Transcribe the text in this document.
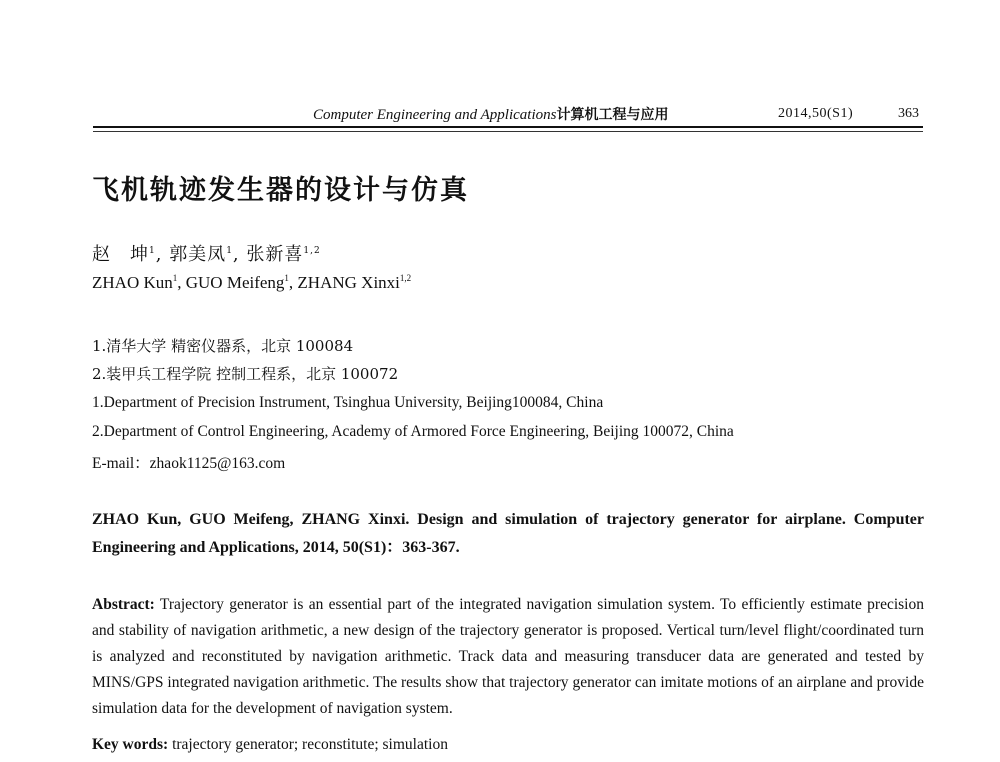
Computer Engineering and Applications计算机工程与应用	2014,50(S1)	363
飞机轨迹发生器的设计与仿真
赵　坤$^1$, 郭美凤$^1$, 张新喜$^{1,2}$
ZHAO Kun$^1$, GUO Meifeng$^1$, ZHANG Xinxi$^{1,2}$
1.清华大学 精密仪器系，北京 100084
2.装甲兵工程学院 控制工程系，北京 100072
1.Department of Precision Instrument, Tsinghua University, Beijing100084, China
2.Department of Control Engineering, Academy of Armored Force Engineering, Beijing 100072, China
E-mail：zhaok1125@163.com
ZHAO Kun, GUO Meifeng, ZHANG Xinxi. Design and simulation of trajectory generator for airplane. Computer Engineering and Applications, 2014, 50(S1)：363-367.
Abstract: Trajectory generator is an essential part of the integrated navigation simulation system. To efficiently estimate precision and stability of navigation arithmetic, a new design of the trajectory generator is proposed. Vertical turn/level flight/coordinated turn is analyzed and reconstituted by navigation arithmetic. Track data and measuring transducer data are generated and tested by MINS/GPS integrated navigation arithmetic. The results show that trajectory generator can imitate motions of an airplane and provide simulation data for the development of navigation system.
Key words: trajectory generator; reconstitute; simulation
